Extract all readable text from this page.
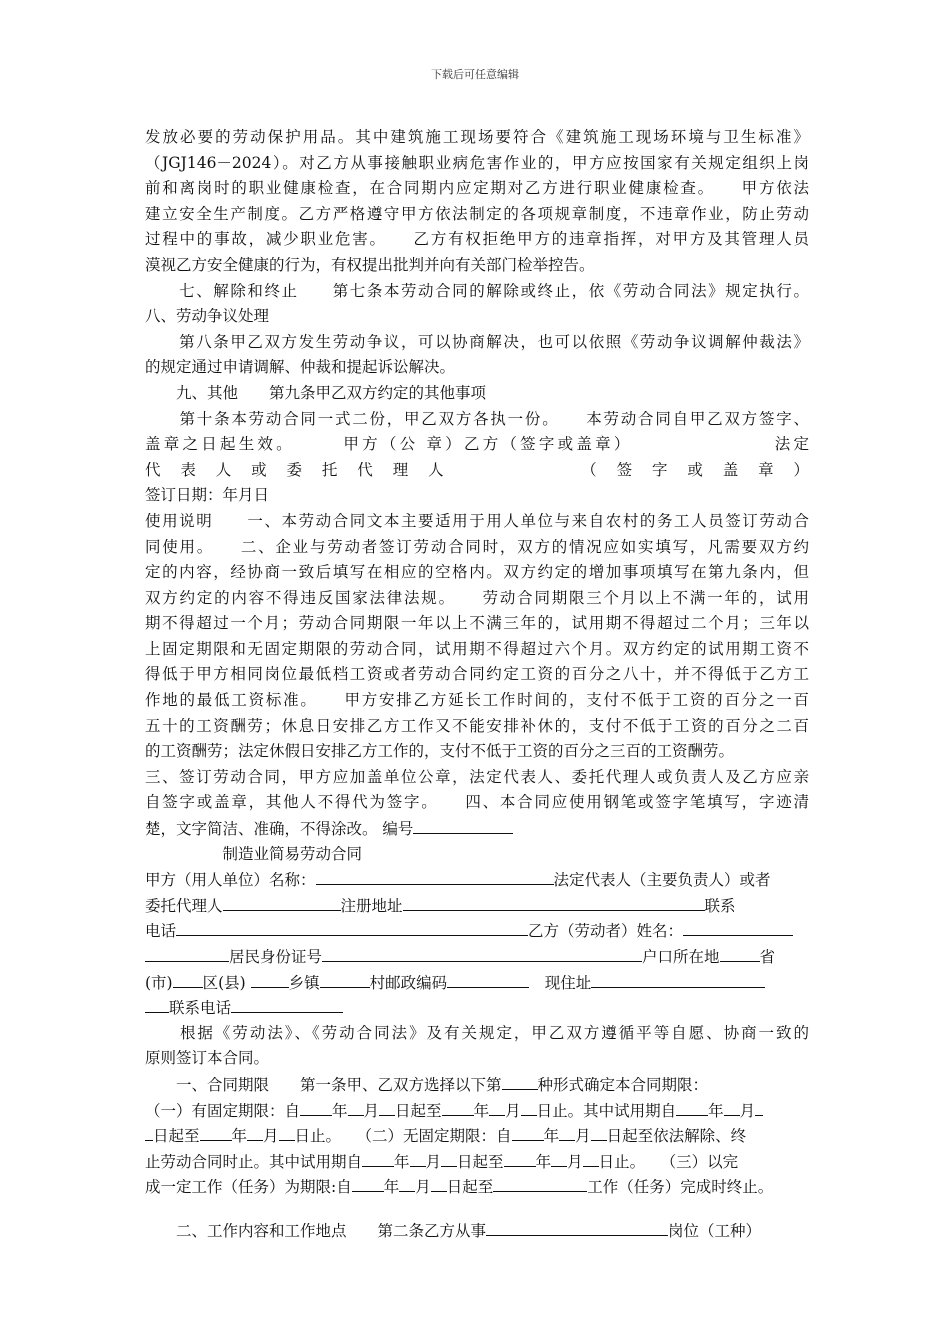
下载后可任意编辑
发放必要的劳动保护用品。其中建筑施工现场要符合《建筑施工现场环境与卫生标准》
（JGJ146－2024）。对乙方从事接触职业病危害作业的，甲方应按国家有关规定组织上岗
前和离岗时的职业健康检查，在合同期内应定期对乙方进行职业健康检查。　　甲方依法
建立安全生产制度。乙方严格遵守甲方依法制定的各项规章制度，不违章作业，防止劳动
过程中的事故，减少职业危害。　　乙方有权拒绝甲方的违章指挥，对甲方及其管理人员
漠视乙方安全健康的行为，有权提出批判并向有关部门检举控告。
　　七、解除和终止　　第七条本劳动合同的解除或终止，依《劳动合同法》规定执行。
八、劳动争议处理
　　第八条甲乙双方发生劳动争议，可以协商解决，也可以依照《劳动争议调解仲裁法》
的规定通过申请调解、仲裁和提起诉讼解决。
　　九、其他　　第九条甲乙双方约定的其他事项
　　第十条本劳动合同一式二份，甲乙双方各执一份。　　本劳动合同自甲乙双方签字、
盖章之日起生效。　　　甲方（公 章）乙方（签字或盖章）　　　　　　　　法定
代 表 人 或 委 托 代 理 人　　　　　　（ 签 字 或 盖 章 ）
签订日期：年月日
使用说明　　一、本劳动合同文本主要适用于用人单位与来自农村的务工人员签订劳动合
同使用。　　二、企业与劳动者签订劳动合同时，双方的情况应如实填写，凡需要双方约
定的内容，经协商一致后填写在相应的空格内。双方约定的增加事项填写在第九条内，但
双方约定的内容不得违反国家法律法规。　　劳动合同期限三个月以上不满一年的，试用
期不得超过一个月；劳动合同期限一年以上不满三年的，试用期不得超过二个月；三年以
上固定期限和无固定期限的劳动合同，试用期不得超过六个月。双方约定的试用期工资不
得低于甲方相同岗位最低档工资或者劳动合同约定工资的百分之八十，并不得低于乙方工
作地的最低工资标准。　　甲方安排乙方延长工作时间的，支付不低于工资的百分之一百
五十的工资酬劳；休息日安排乙方工作又不能安排补休的，支付不低于工资的百分之二百
的工资酬劳；法定休假日安排乙方工作的，支付不低于工资的百分之三百的工资酬劳。
三、签订劳动合同，甲方应加盖单位公章，法定代表人、委托代理人或负责人及乙方应亲
自签字或盖章，其他人不得代为签字。　　四、本合同应使用钢笔或签字笔填写，字迹清
楚，文字简洁、准确，不得涂改。 编号
　　　　　制造业简易劳动合同
甲方（用人单位）名称：	法定代表人（主要负责人）或者
委托代理人	注册地址	联系
电话	乙方（劳动者）姓名：
居民身份证号	户口所在地	省
(市) 区(县)	乡镇	村邮政编码	　现住址
联系电话
　　根据《劳动法》、《劳动合同法》及有关规定，甲乙双方遵循平等自愿、协商一致的
原则签订本合同。
　　一、合同期限　　第一条甲、乙双方选择以下第 种形式确定本合同期限：
（一）有固定期限：自 年 月 日起至 年 月 日止。其中试用期自 年 月
日起至 年 月 日止。　　（二）无固定期限：自 年 月 日起至依法解除、终
止劳动合同时止。其中试用期自 年 月 日起至 年 月 日止。　　（三）以完
成一定工作（任务）为期限:自 年 月 日起至	工作（任务）完成时终止。
　　二、工作内容和工作地点　　第二条乙方从事	岗位（工种）
